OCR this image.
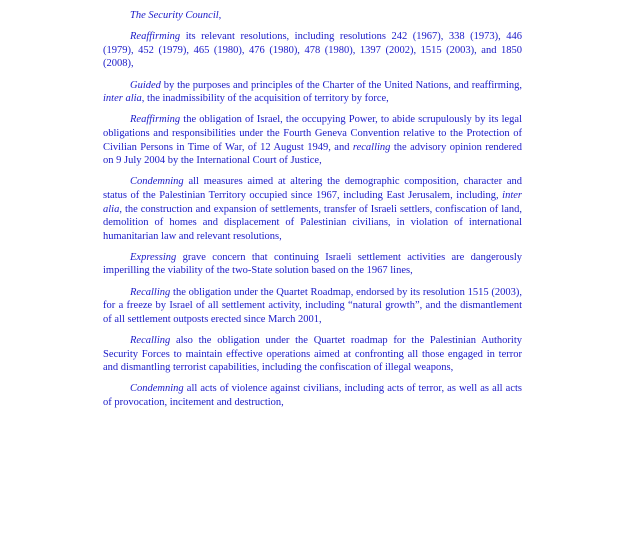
The Security Council,

Reaffirming its relevant resolutions, including resolutions 242 (1967), 338 (1973), 446 (1979), 452 (1979), 465 (1980), 476 (1980), 478 (1980), 1397 (2002), 1515 (2003), and 1850 (2008),

Guided by the purposes and principles of the Charter of the United Nations, and reaffirming, inter alia, the inadmissibility of the acquisition of territory by force,

Reaffirming the obligation of Israel, the occupying Power, to abide scrupulously by its legal obligations and responsibilities under the Fourth Geneva Convention relative to the Protection of Civilian Persons in Time of War, of 12 August 1949, and recalling the advisory opinion rendered on 9 July 2004 by the International Court of Justice,

Condemning all measures aimed at altering the demographic composition, character and status of the Palestinian Territory occupied since 1967, including East Jerusalem, including, inter alia, the construction and expansion of settlements, transfer of Israeli settlers, confiscation of land, demolition of homes and displacement of Palestinian civilians, in violation of international humanitarian law and relevant resolutions,

Expressing grave concern that continuing Israeli settlement activities are dangerously imperilling the viability of the two-State solution based on the 1967 lines,

Recalling the obligation under the Quartet Roadmap, endorsed by its resolution 1515 (2003), for a freeze by Israel of all settlement activity, including “natural growth”, and the dismantlement of all settlement outposts erected since March 2001,

Recalling also the obligation under the Quartet roadmap for the Palestinian Authority Security Forces to maintain effective operations aimed at confronting all those engaged in terror and dismantling terrorist capabilities, including the confiscation of illegal weapons,

Condemning all acts of violence against civilians, including acts of terror, as well as all acts of provocation, incitement and destruction,
